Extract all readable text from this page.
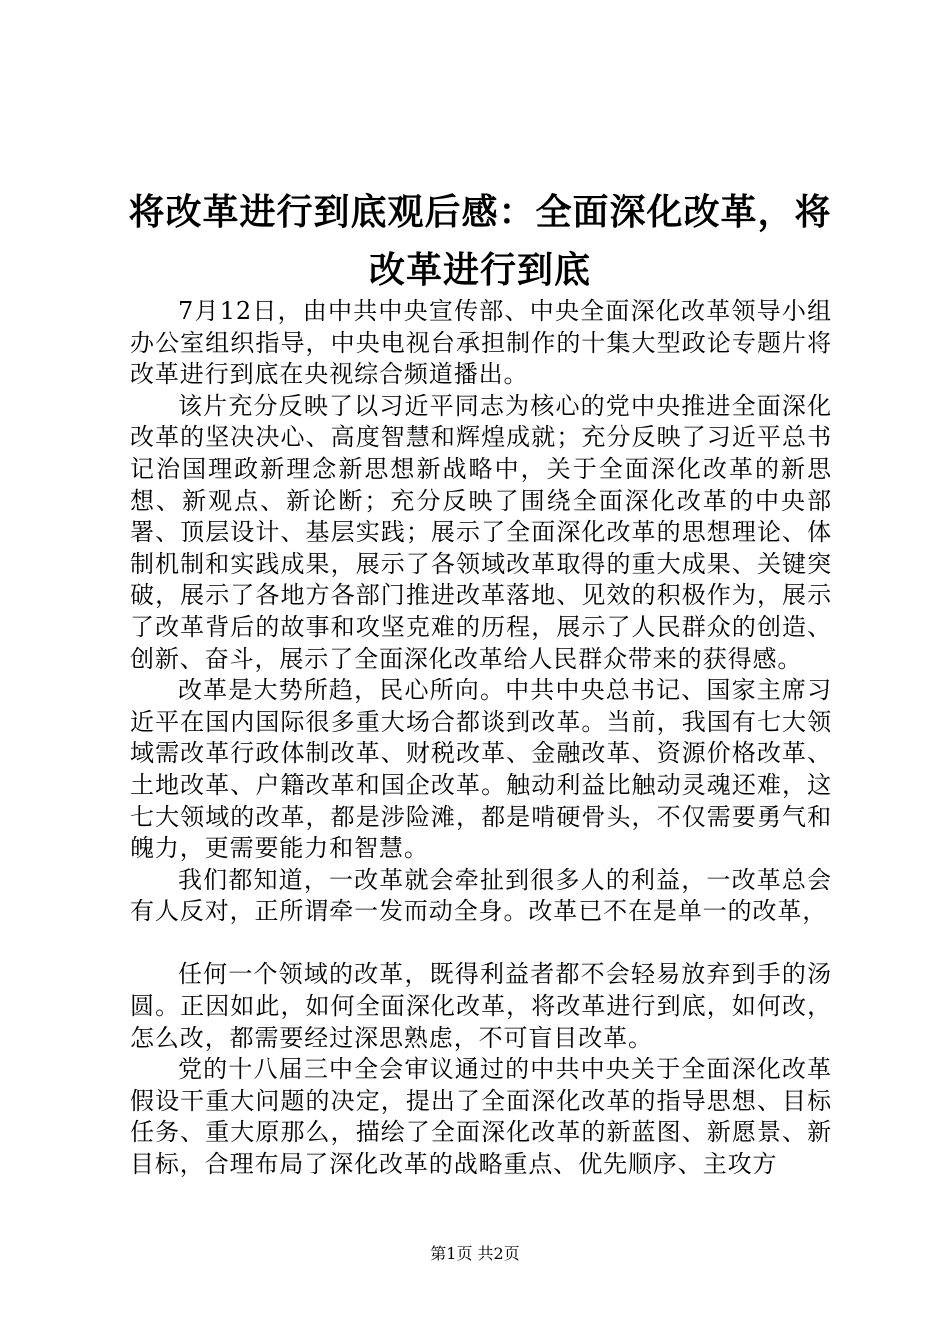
将改革进行到底观后感：全面深化改革，将改革进行到底

7月12日，由中共中央宣传部、中央全面深化改革领导小组办公室组织指导，中央电视台承担制作的十集大型政论专题片将改革进行到底在央视综合频道播出。

该片充分反映了以习近平同志为核心的党中央推进全面深化改革的坚决决心、高度智慧和辉煌成就；充分反映了习近平总书记治国理政新理念新思想新战略中，关于全面深化改革的新思想、新观点、新论断；充分反映了围绕全面深化改革的中央部署、顶层设计、基层实践；展示了全面深化改革的思想理论、体制机制和实践成果，展示了各领域改革取得的重大成果、关键突破，展示了各地方各部门推进改革落地、见效的积极作为，展示了改革背后的故事和攻坚克难的历程，展示了人民群众的创造、创新、奋斗，展示了全面深化改革给人民群众带来的获得感。

改革是大势所趋，民心所向。中共中央总书记、国家主席习近平在国内国际很多重大场合都谈到改革。当前，我国有七大领域需改革行政体制改革、财税改革、金融改革、资源价格改革、土地改革、户籍改革和国企改革。触动利益比触动灵魂还难，这七大领域的改革，都是涉险滩，都是啃硬骨头，不仅需要勇气和魄力，更需要能力和智慧。

我们都知道，一改革就会牵扯到很多人的利益，一改革总会有人反对，正所谓牵一发而动全身。改革已不在是单一的改革，

任何一个领域的改革，既得利益者都不会轻易放弃到手的汤圆。正因如此，如何全面深化改革，将改革进行到底，如何改，怎么改，都需要经过深思熟虑，不可盲目改革。

党的十八届三中全会审议通过的中共中央关于全面深化改革假设干重大问题的决定，提出了全面深化改革的指导思想、目标任务、重大原那么，描绘了全面深化改革的新蓝图、新愿景、新目标，合理布局了深化改革的战略重点、优先顺序、主攻方

第1页 共2页
